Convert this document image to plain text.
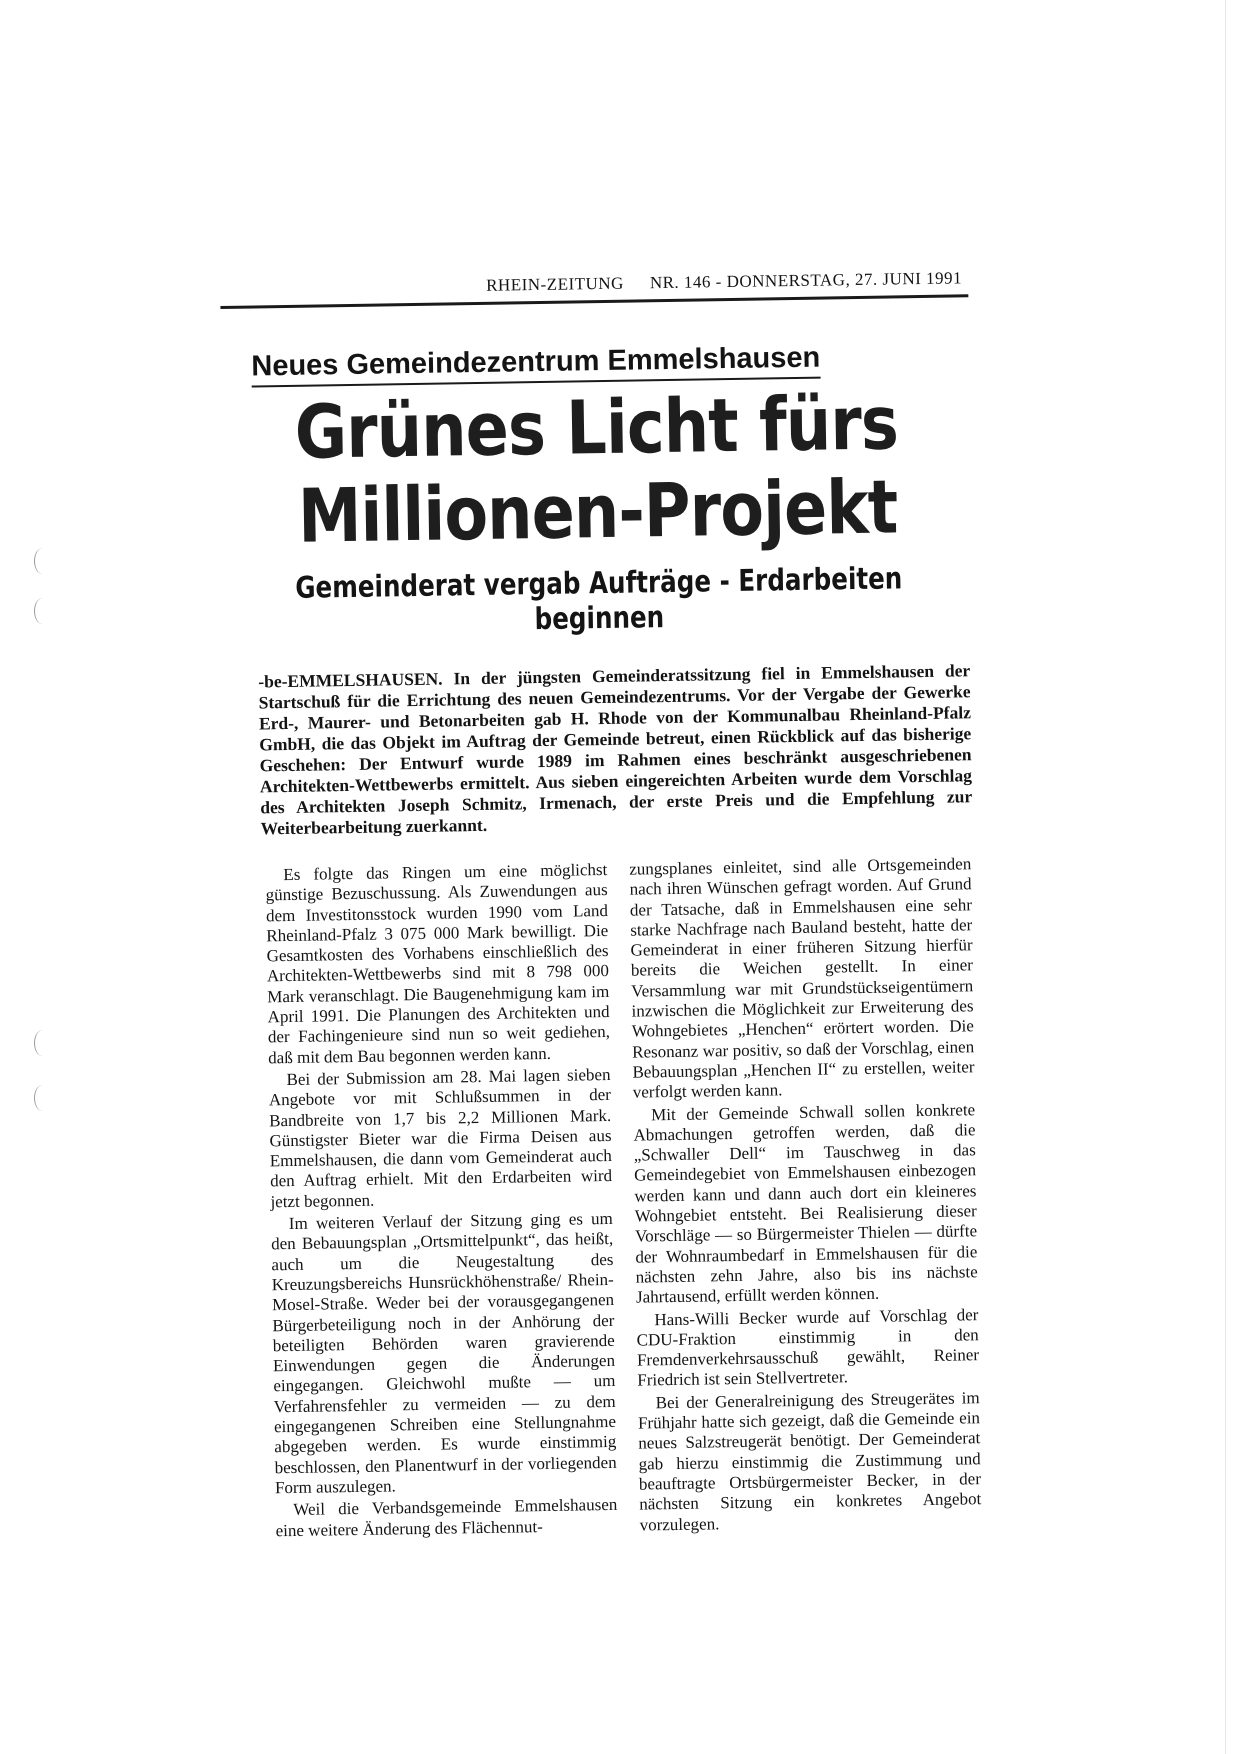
RHEIN-ZEITUNG NR. 146 - DONNERSTAG, 27. JUNI 1991
Neues Gemeindezentrum Emmelshausen
Grünes Licht fürs
Millionen-Projekt
Gemeinderat vergab Aufträge - Erdarbeiten beginnen
-be-EMMELSHAUSEN. In der jüngsten Gemeinderatssitzung fiel in Emmelshausen der Startschuß für die Errichtung des neuen Gemeindezentrums. Vor der Vergabe der Gewerke Erd-, Maurer- und Betonarbeiten gab H. Rhode von der Kommunalbau Rheinland-Pfalz GmbH, die das Objekt im Auftrag der Gemeinde betreut, einen Rückblick auf das bisherige Geschehen: Der Entwurf wurde 1989 im Rahmen eines beschränkt ausgeschriebenen Architekten-Wettbewerbs ermittelt. Aus sieben eingereichten Arbeiten wurde dem Vorschlag des Architekten Joseph Schmitz, Irmenach, der erste Preis und die Empfehlung zur Weiterbearbeitung zuerkannt.

Es folgte das Ringen um eine möglichst günstige Bezuschussung. Als Zuwendungen aus dem Investitonsstock wurden 1990 vom Land Rheinland-Pfalz 3 075 000 Mark bewilligt. Die Gesamtkosten des Vorhabens einschließlich des Architekten-Wettbewerbs sind mit 8 798 000 Mark veranschlagt. Die Baugenehmigung kam im April 1991. Die Planungen des Architekten und der Fachingenieure sind nun so weit gediehen, daß mit dem Bau begonnen werden kann.

Bei der Submission am 28. Mai lagen sieben Angebote vor mit Schlußsummen in der Bandbreite von 1,7 bis 2,2 Millionen Mark. Günstigster Bieter war die Firma Deisen aus Emmelshausen, die dann vom Gemeinderat auch den Auftrag erhielt. Mit den Erdarbeiten wird jetzt begonnen.

Im weiteren Verlauf der Sitzung ging es um den Bebauungsplan „Ortsmittelpunkt“, das heißt, auch um die Neugestaltung des Kreuzungsbereichs Hunsrückhöhenstraße/ Rhein-Mosel-Straße. Weder bei der vorausgegangenen Bürgerbeteiligung noch in der Anhörung der beteiligten Behörden waren gravierende Einwendungen gegen die Änderungen eingegangen. Gleichwohl mußte — um Verfahrensfehler zu vermeiden — zu dem eingegangenen Schreiben eine Stellungnahme abgegeben werden. Es wurde einstimmig beschlossen, den Planentwurf in der vorliegenden Form auszulegen.

Weil die Verbandsgemeinde Emmelshausen eine weitere Änderung des Flächennut-

zungsplanes einleitet, sind alle Ortsgemeinden nach ihren Wünschen gefragt worden. Auf Grund der Tatsache, daß in Emmelshausen eine sehr starke Nachfrage nach Bauland besteht, hatte der Gemeinderat in einer früheren Sitzung hierfür bereits die Weichen gestellt. In einer Versammlung war mit Grundstückseigentümern inzwischen die Möglichkeit zur Erweiterung des Wohngebietes „Henchen“ erörtert worden. Die Resonanz war positiv, so daß der Vorschlag, einen Bebauungsplan „Henchen II“ zu erstellen, weiter verfolgt werden kann.

Mit der Gemeinde Schwall sollen konkrete Abmachungen getroffen werden, daß die „Schwaller Dell“ im Tauschweg in das Gemeindegebiet von Emmelshausen einbezogen werden kann und dann auch dort ein kleineres Wohngebiet entsteht. Bei Realisierung dieser Vorschläge — so Bürgermeister Thielen — dürfte der Wohnraumbedarf in Emmelshausen für die nächsten zehn Jahre, also bis ins nächste Jahrtausend, erfüllt werden können.

Hans-Willi Becker wurde auf Vorschlag der CDU-Fraktion einstimmig in den Fremdenverkehrsausschuß gewählt, Reiner Friedrich ist sein Stellvertreter.

Bei der Generalreinigung des Streugerätes im Frühjahr hatte sich gezeigt, daß die Gemeinde ein neues Salzstreugerät benötigt. Der Gemeinderat gab hierzu einstimmig die Zustimmung und beauftragte Ortsbürgermeister Becker, in der nächsten Sitzung ein konkretes Angebot vorzulegen.
